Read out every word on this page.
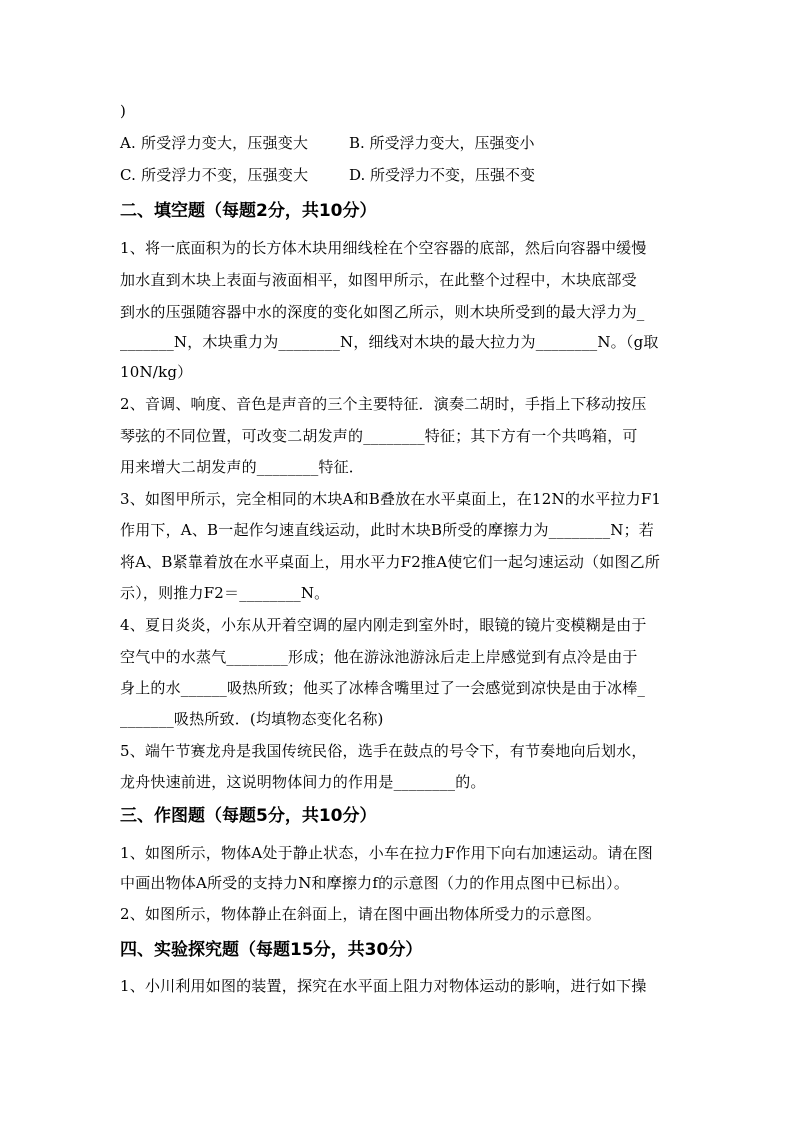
)
A. 所受浮力变大，压强变大	B. 所受浮力变大，压强变小
C. 所受浮力不变，压强变大	D. 所受浮力不变，压强不变
二、填空题（每题2分，共10分）
1、将一底面积为的长方体木块用细线栓在个空容器的底部，然后向容器中缓慢
加水直到木块上表面与液面相平，如图甲所示，在此整个过程中，木块底部受
到水的压强随容器中水的深度的变化如图乙所示，则木块所受到的最大浮力为_
_______N，木块重力为________N，细线对木块的最大拉力为________N。（g取
10N/kg）
2、音调、响度、音色是声音的三个主要特征．演奏二胡时，手指上下移动按压
琴弦的不同位置，可改变二胡发声的________特征；其下方有一个共鸣箱，可
用来增大二胡发声的________特征．
3、如图甲所示，完全相同的木块A和B叠放在水平桌面上，在12N的水平拉力F1
作用下，A、B一起作匀速直线运动，此时木块B所受的摩擦力为________N；若
将A、B紧靠着放在水平桌面上，用水平力F2推A使它们一起匀速运动（如图乙所
示），则推力F2＝________N。
4、夏日炎炎，小东从开着空调的屋内刚走到室外时，眼镜的镜片变模糊是由于
空气中的水蒸气________形成；他在游泳池游泳后走上岸感觉到有点冷是由于
身上的水______吸热所致；他买了冰棒含嘴里过了一会感觉到凉快是由于冰棒_
_______吸热所致．(均填物态变化名称)
5、端午节赛龙舟是我国传统民俗，选手在鼓点的号令下，有节奏地向后划水，
龙舟快速前进，这说明物体间力的作用是________的。
三、作图题（每题5分，共10分）
1、如图所示，物体A处于静止状态，小车在拉力F作用下向右加速运动。请在图
中画出物体A所受的支持力N和摩擦力f的示意图（力的作用点图中已标出）。
2、如图所示，物体静止在斜面上，请在图中画出物体所受力的示意图。
四、实验探究题（每题15分，共30分）
1、小川利用如图的装置，探究在水平面上阻力对物体运动的影响，进行如下操
